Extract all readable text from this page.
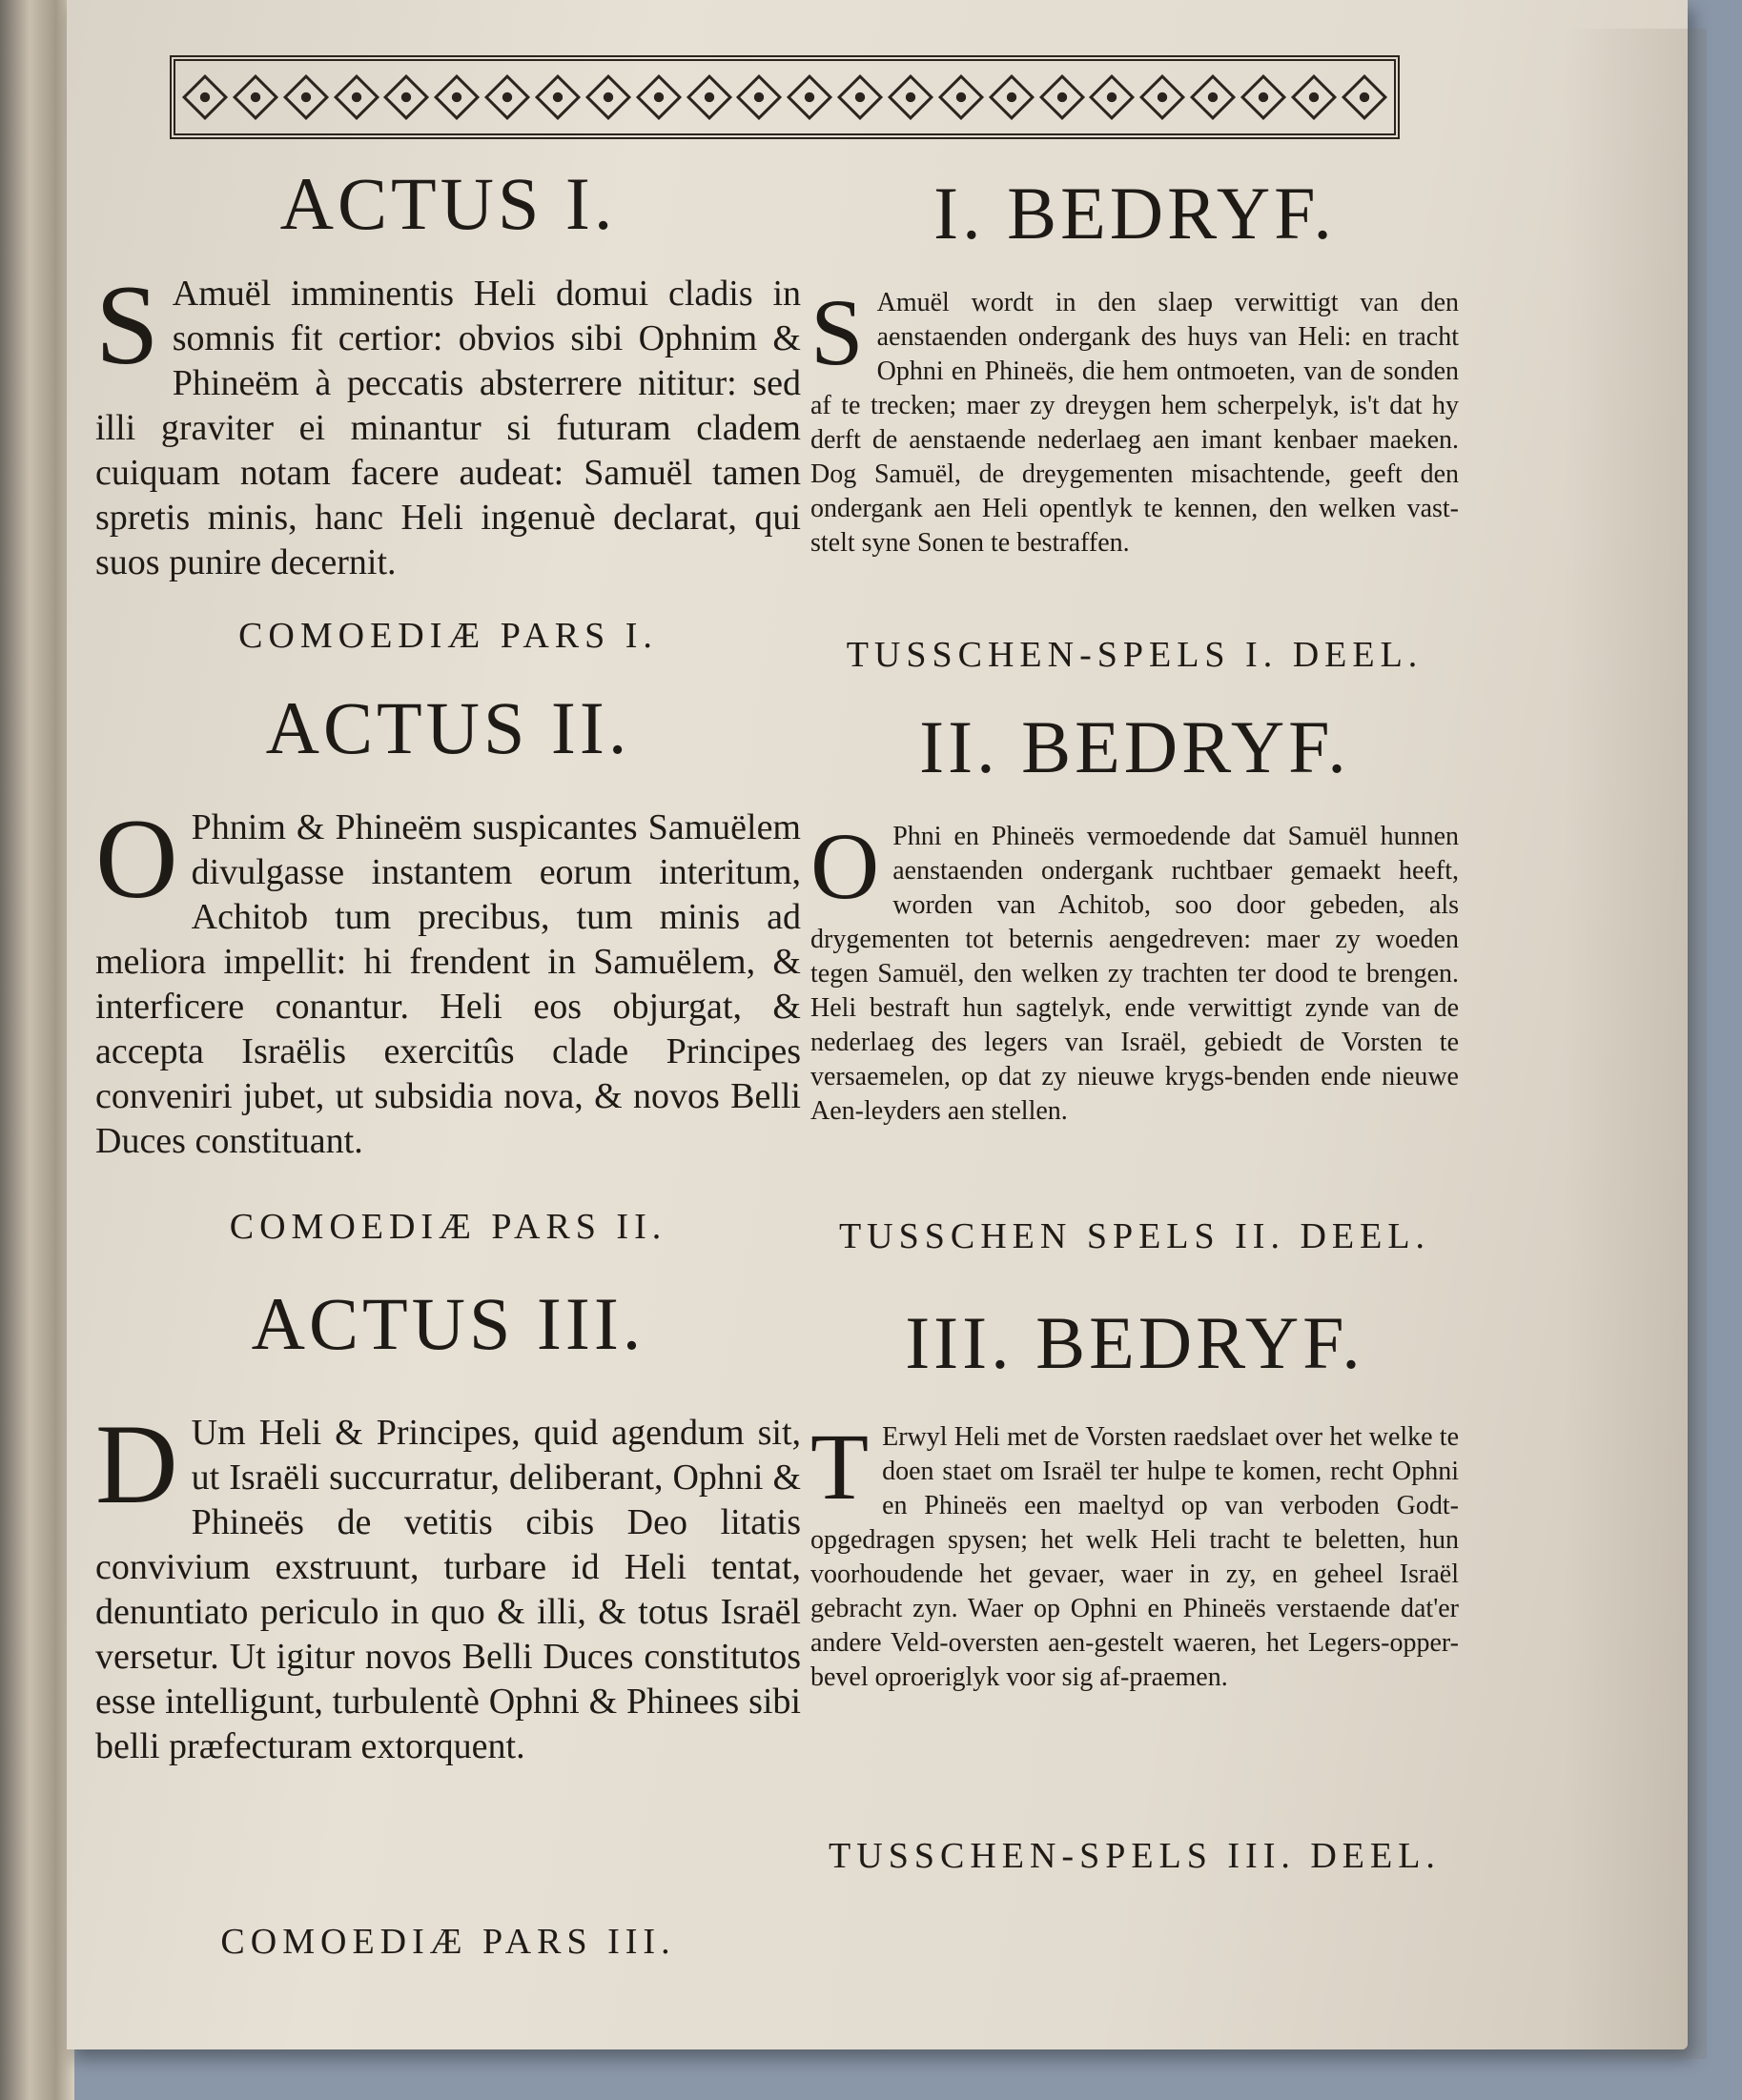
ACTUS I.

S Amuël imminentis Heli domui cladis in somnis fit certior: obvios sibi Ophnim & Phineëm à peccatis absterrere nititur: sed illi graviter ei minantur si futuram cladem cuiquam notam facere audeat: Samuël tamen spretis minis, hanc Heli ingenuè declarat, qui suos punire decernit.

COMOEDIÆ PARS I.

I. BEDRYF.

S Amuël wordt in den slaep verwittigt van den aenstaenden ondergank des huys van Heli: en tracht Ophni en Phineës, die hem ontmoeten, van de sonden af te trecken; maer zy dreygen hem scherpelyk, is't dat hy derft de aenstaende nederlaeg aen imant kenbaer maeken. Dog Samuël, de dreygementen misachtende, geeft den ondergank aen Heli opentlyk te kennen, den welken vast-stelt syne Sonen te bestraffen.

TUSSCHEN-SPELS I. DEEL.

ACTUS II.

O Phnim & Phineëm suspicantes Samuëlem divulgasse instantem eorum interitum, Achitob tum precibus, tum minis ad meliora impellit: hi frendent in Samuëlem, & interficere conantur. Heli eos objurgat, & accepta Israëlis exercitûs clade Principes conveniri jubet, ut subsidia nova, & novos Belli Duces constituant.

COMOEDIÆ PARS II.

II. BEDRYF.

O Phni en Phineës vermoedende dat Samuël hunnen aenstaenden ondergank ruchtbaer gemaekt heeft, worden van Achitob, soo door gebeden, als drygementen tot beternis aengedreven: maer zy woeden tegen Samuël, den welken zy trachten ter dood te brengen. Heli bestraft hun sagtelyk, ende verwittigt zynde van de nederlaeg des legers van Israël, gebiedt de Vorsten te versaemelen, op dat zy nieuwe krygs-benden ende nieuwe Aen-leyders aen stellen.

TUSSCHEN SPELS II. DEEL.

ACTUS III.

D Um Heli & Principes, quid agendum sit, ut Israëli succurratur, deliberant, Ophni & Phineës de vetitis cibis Deo litatis convivium exstruunt, turbare id Heli tentat, denuntiato periculo in quo & illi, & totus Israël versetur. Ut igitur novos Belli Duces constitutos esse intelligunt, turbulentè Ophni & Phinees sibi belli præfecturam extorquent.

COMOEDIÆ PARS III.

III. BEDRYF.

T Erwyl Heli met de Vorsten raedslaet over het welke te doen staet om Israël ter hulpe te komen, recht Ophni en Phineës een maeltyd op van verboden Godt-opgedragen spysen; het welk Heli tracht te beletten, hun voorhoudende het gevaer, waer in zy, en geheel Israël gebracht zyn. Waer op Ophni en Phineës verstaende dat'er andere Veld-oversten aen-gestelt waeren, het Legers-opper-bevel oproeriglyk voor sig af-praemen.

TUSSCHEN-SPELS III. DEEL.
